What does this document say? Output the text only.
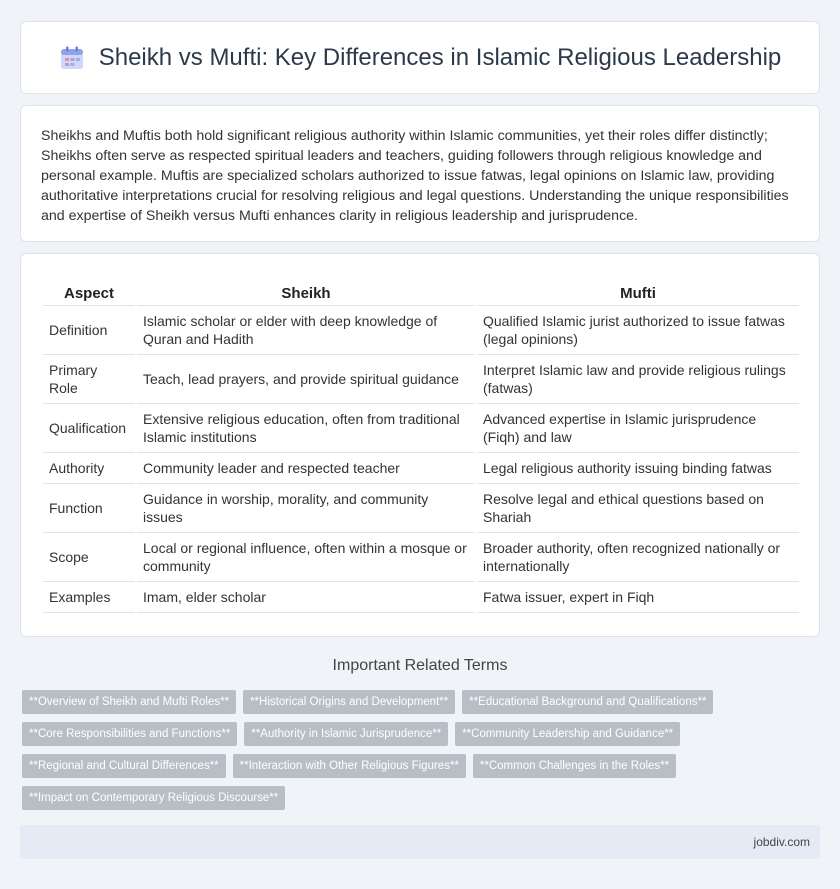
Sheikh vs Mufti: Key Differences in Islamic Religious Leadership

Sheikhs and Muftis both hold significant religious authority within Islamic communities, yet their roles differ distinctly; Sheikhs often serve as respected spiritual leaders and teachers, guiding followers through religious knowledge and personal example. Muftis are specialized scholars authorized to issue fatwas, legal opinions on Islamic law, providing authoritative interpretations crucial for resolving religious and legal questions. Understanding the unique responsibilities and expertise of Sheikh versus Mufti enhances clarity in religious leadership and jurisprudence.

Aspect	Sheikh	Mufti
Definition	Islamic scholar or elder with deep knowledge of Quran and Hadith	Qualified Islamic jurist authorized to issue fatwas (legal opinions)
Primary Role	Teach, lead prayers, and provide spiritual guidance	Interpret Islamic law and provide religious rulings (fatwas)
Qualification	Extensive religious education, often from traditional Islamic institutions	Advanced expertise in Islamic jurisprudence (Fiqh) and law
Authority	Community leader and respected teacher	Legal religious authority issuing binding fatwas
Function	Guidance in worship, morality, and community issues	Resolve legal and ethical questions based on Shariah
Scope	Local or regional influence, often within a mosque or community	Broader authority, often recognized nationally or internationally
Examples	Imam, elder scholar	Fatwa issuer, expert in Fiqh
Important Related Terms
**Overview of Sheikh and Mufti Roles**	**Historical Origins and Development**	**Educational Background and Qualifications**
**Core Responsibilities and Functions**	**Authority in Islamic Jurisprudence**	**Community Leadership and Guidance**
**Regional and Cultural Differences**	**Interaction with Other Religious Figures**	**Common Challenges in the Roles**
**Impact on Contemporary Religious Discourse**
jobdiv.com
